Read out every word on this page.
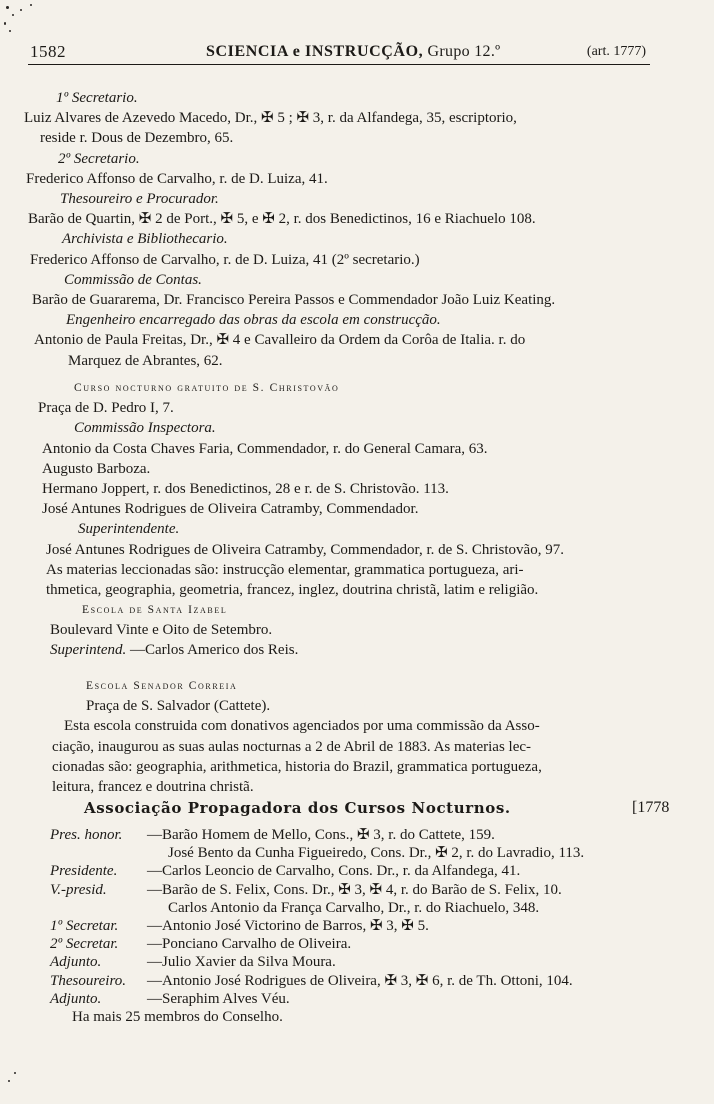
1582	SCIENCIA e INSTRUCÇÃO, Grupo 12.º	(art. 1777)
1º Secretario.
Luiz Alvares de Azevedo Macedo, Dr., ✠ 5 ; ✠ 3, r. da Alfandega, 35, escriptorio,
reside r. Dous de Dezembro, 65.
2º Secretario.
Frederico Affonso de Carvalho, r. de D. Luiza, 41.
Thesoureiro e Procurador.
Barão de Quartin, ✠ 2 de Port., ✠ 5, e ✠ 2, r. dos Benedictinos, 16 e Riachuelo 108.
Archivista e Bibliothecario.
Frederico Affonso de Carvalho, r. de D. Luiza, 41 (2º secretario.)
Commissão de Contas.
Barão de Guararema, Dr. Francisco Pereira Passos e Commendador João Luiz Keating.
Engenheiro encarregado das obras da escola em construcção.
Antonio de Paula Freitas, Dr., ✠ 4 e Cavalleiro da Ordem da Corôa de Italia. r. do
Marquez de Abrantes, 62.
Curso nocturno gratuito de S. Christovão
Praça de D. Pedro I, 7.
Commissão Inspectora.
Antonio da Costa Chaves Faria, Commendador, r. do General Camara, 63.
Augusto Barboza.
Hermano Joppert, r. dos Benedictinos, 28 e r. de S. Christovão. 113.
José Antunes Rodrigues de Oliveira Catramby, Commendador.
Superintendente.
José Antunes Rodrigues de Oliveira Catramby, Commendador, r. de S. Christovão, 97.
As materias leccionadas são: instrucção elementar, grammatica portugueza, ari-
thmetica, geographia, geometria, francez, inglez, doutrina christã, latim e religião.
Escola de Santa Izabel
Boulevard Vinte e Oito de Setembro.
Superintend. —Carlos Americo dos Reis.
Escola Senador Correia
Praça de S. Salvador (Cattete).
Esta escola construida com donativos agenciados por uma commissão da Asso-
ciação, inaugurou as suas aulas nocturnas a 2 de Abril de 1883. As materias lec-
cionadas são: geographia, arithmetica, historia do Brazil, grammatica portugueza,
leitura, francez e doutrina christã.
Associação Propagadora dos Cursos Nocturnos.	[1778
Pres. honor.	—Barão Homem de Mello, Cons., ✠ 3, r. do Cattete, 159.
José Bento da Cunha Figueiredo, Cons. Dr., ✠ 2, r. do Lavradio, 113.
Presidente.	—Carlos Leoncio de Carvalho, Cons. Dr., r. da Alfandega, 41.
V.-presid.	—Barão de S. Felix, Cons. Dr., ✠ 3, ✠ 4, r. do Barão de S. Felix, 10.
Carlos Antonio da França Carvalho, Dr., r. do Riachuelo, 348.
1º Secretar.	—Antonio José Victorino de Barros, ✠ 3, ✠ 5.
2º Secretar.	—Ponciano Carvalho de Oliveira.
Adjunto.	—Julio Xavier da Silva Moura.
Thesoureiro.	—Antonio José Rodrigues de Oliveira, ✠ 3, ✠ 6, r. de Th. Ottoni, 104.
Adjunto.	—Seraphim Alves Véu.
Ha mais 25 membros do Conselho.
